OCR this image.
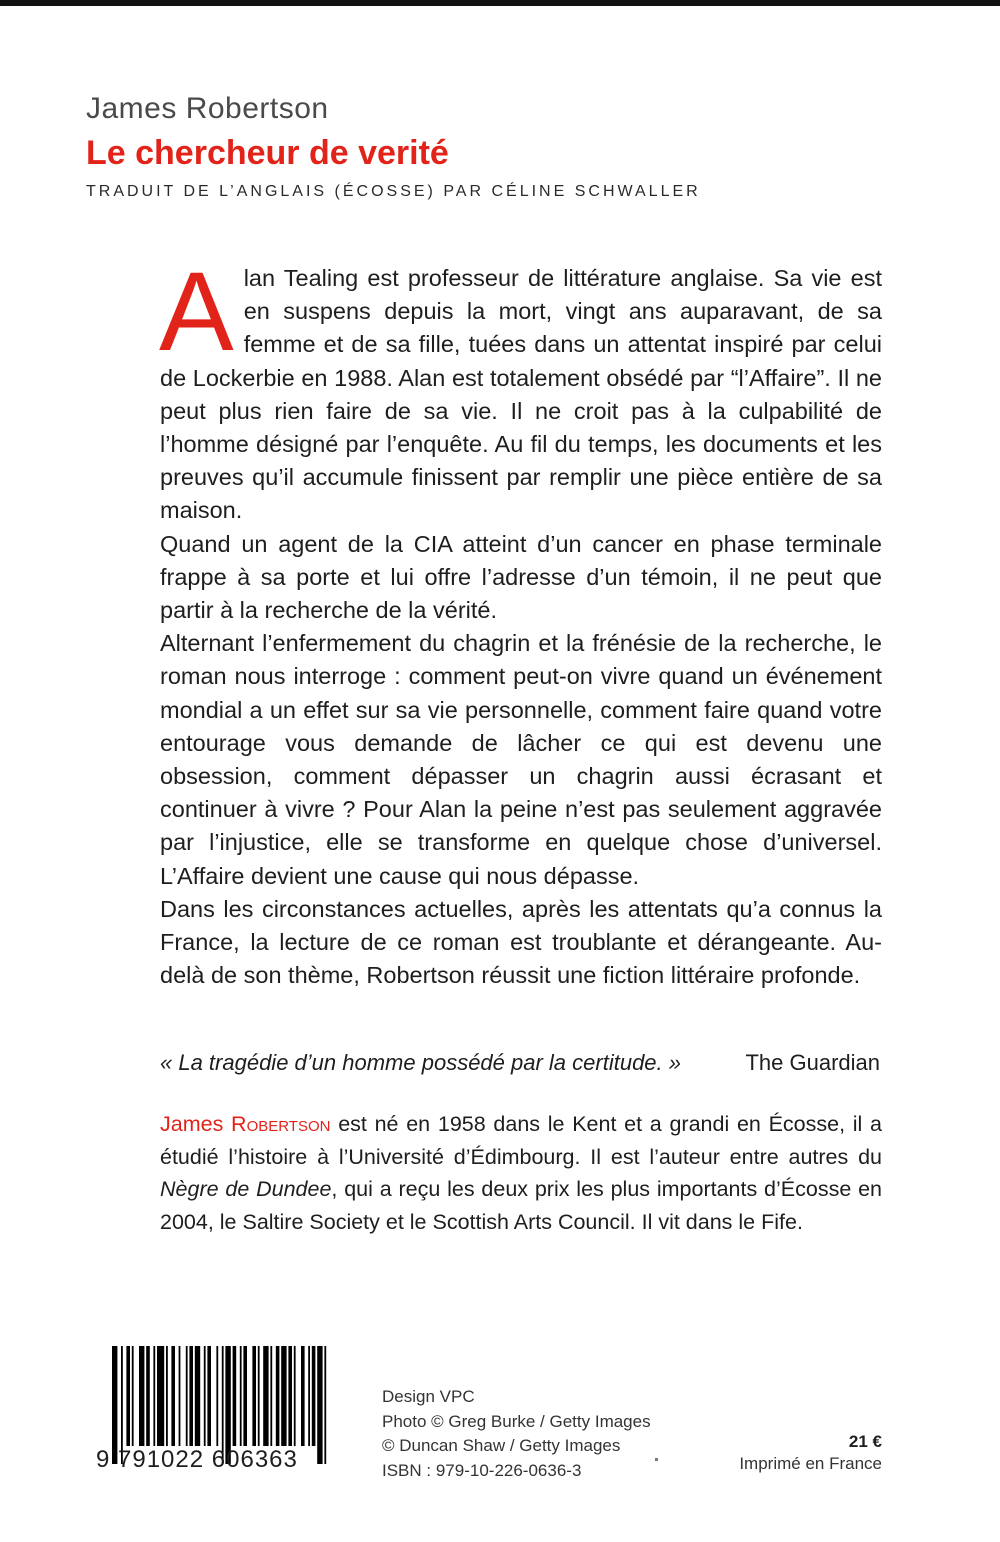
James Robertson
Le chercheur de verité
TRADUIT DE L’ANGLAIS (ÉCOSSE) PAR CÉLINE SCHWALLER

Alan Tealing est professeur de littérature anglaise. Sa vie est en suspens depuis la mort, vingt ans auparavant, de sa femme et de sa fille, tuées dans un attentat inspiré par celui de Lockerbie en 1988. Alan est totalement obsédé par “l’Affaire”. Il ne peut plus rien faire de sa vie. Il ne croit pas à la culpabilité de l’homme désigné par l’enquête. Au fil du temps, les documents et les preuves qu’il accumule finissent par remplir une pièce entière de sa maison.

Quand un agent de la CIA atteint d’un cancer en phase terminale frappe à sa porte et lui offre l’adresse d’un témoin, il ne peut que partir à la recherche de la vérité.

Alternant l’enfermement du chagrin et la frénésie de la recherche, le roman nous interroge : comment peut-on vivre quand un événement mondial a un effet sur sa vie personnelle, comment faire quand votre entourage vous demande de lâcher ce qui est devenu une obsession, comment dépasser un chagrin aussi écrasant et continuer à vivre ? Pour Alan la peine n’est pas seulement aggravée par l’injustice, elle se transforme en quelque chose d’universel. L’Affaire devient une cause qui nous dépasse.

Dans les circonstances actuelles, après les attentats qu’a connus la France, la lecture de ce roman est troublante et dérangeante. Au-delà de son thème, Robertson réussit une fiction littéraire profonde.

« La tragédie d’un homme possédé par la certitude. »	The Guardian
James Robertson est né en 1958 dans le Kent et a grandi en Écosse, il a étudié l’histoire à l’Université d’Édimbourg. Il est l’auteur entre autres du Nègre de Dundee, qui a reçu les deux prix les plus importants d’Écosse en 2004, le Saltire Society et le Scottish Arts Council. Il vit dans le Fife.
9 791022 606363
Design VPC
Photo © Greg Burke / Getty Images
© Duncan Shaw / Getty Images
ISBN : 979-10-226-0636-3
21 €
Imprimé en France
